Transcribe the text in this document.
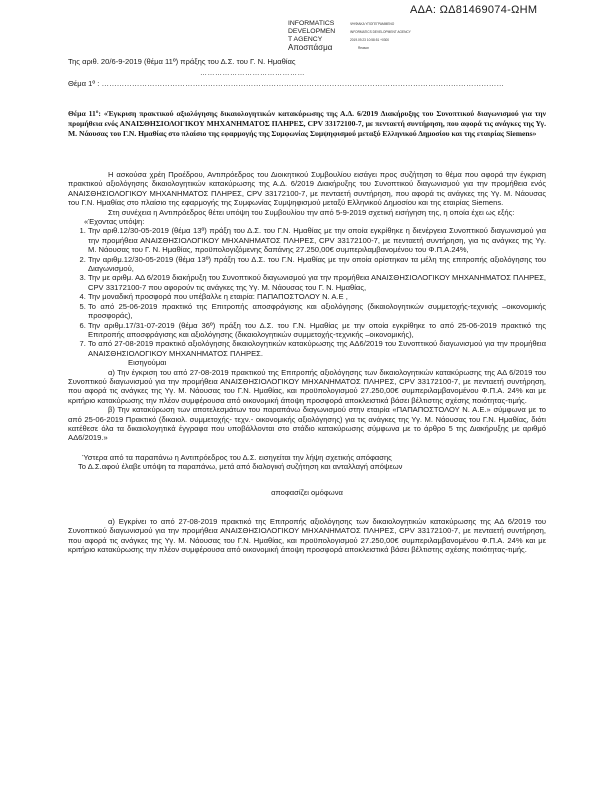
ΑΔΑ: ΩΔ81469074-ΩΗΜ
INFORMATICS	ΨΗΦΙΑΚΑ ΥΠΟΓΕΓΡΑΜΜΕΝΟ
DEVELOPMEN	INFORMATICS DEVELOPMENT AGENCY
T AGENCY	2019.09.23 10:58:51 +0300
Αποσπάσμα	Reason
Της αριθ. 20/6-9-2019 (θέμα 11º) πράξης του Δ.Σ. του Γ. Ν. Ημαθίας
……………………………………
Θέμα 1º : ……………………………………………………………………………………………………………………………………………
Θέμα 11º: «Έγκριση πρακτικού αξιολόγησης δικαιολογητικών κατακύρωσης της Α.Δ. 6/2019 Διακήρυξης του Συνοπτικού διαγωνισμού για την προμήθεια ενός ΑΝΑΙΣΘΗΣΙΟΛΟΓΙΚΟΥ ΜΗΧΑΝΗΜΑΤΟΣ ΠΛΗΡΕΣ, CPV 33172100-7, με πενταετή συντήρηση, που αφορά τις ανάγκες της Υγ. Μ. Νάουσας του Γ.Ν. Ημαθίας στο πλαίσιο της εφαρμογής της Συμφωνίας Συμψηφισμού μεταξύ Ελληνικού Δημοσίου και της εταιρίας Siemens»

Η ασκούσα χρέη Προέδρου, Αντιπρόεδρος του Διοικητικού Συμβουλίου εισάγει προς συζήτηση το θέμα που αφορά την έγκριση πρακτικού αξιολόγησης δικαιολογητικών κατακύρωσης της Α.Δ. 6/2019 Διακήρυξης του Συνοπτικού διαγωνισμού για την προμήθεια ενός ΑΝΑΙΣΘΗΣΙΟΛΟΓΙΚΟΥ ΜΗΧΑΝΗΜΑΤΟΣ ΠΛΗΡΕΣ, CPV 33172100-7, με πενταετή συντήρηση, που αφορά τις ανάγκες της Υγ. Μ. Νάουσας του Γ.Ν. Ημαθίας στο πλαίσιο της εφαρμογής της Συμφωνίας Συμψηφισμού μεταξύ Ελληνικού Δημοσίου και της εταιρίας Siemens.

Στη συνέχεια η Αντιπρόεδρος θέτει υπόψη του Συμβουλίου την από 5-9-2019 σχετική εισήγηση της, η οποία έχει ως εξής:

«Έχοντας υπόψη:

1. Την αριθ.12/30-05-2019 (θέμα 13º) πράξη του Δ.Σ. του Γ.Ν. Ημαθίας με την οποία εγκρίθηκε η διενέργεια Συνοπτικού διαγωνισμού για την προμήθεια ΑΝΑΙΣΘΗΣΙΟΛΟΓΙΚΟΥ ΜΗΧΑΝΗΜΑΤΟΣ ΠΛΗΡΕΣ, CPV 33172100-7, με πενταετή συντήρηση, για τις ανάγκες της Υγ. Μ. Νάουσας του Γ. Ν. Ημαθίας, προϋπολογιζόμενης δαπάνης 27.250,00€ συμπεριλαμβανομένου του Φ.Π.Α.24%,
2. Την αριθμ.12/30-05-2019 (θέμα 13º) πράξη του Δ.Σ. του Γ.Ν. Ημαθίας με την οποία ορίστηκαν τα μέλη της επιτροπής αξιολόγησης του Διαγωνισμού,
3. Την με αριθμ. ΑΔ 6/2019 διακήρυξη του Συνοπτικού διαγωνισμού για την προμήθεια ΑΝΑΙΣΘΗΣΙΟΛΟΓΙΚΟΥ ΜΗΧΑΝΗΜΑΤΟΣ ΠΛΗΡΕΣ, CPV 33172100-7 που αφορούν τις ανάγκες της Υγ. Μ. Νάουσας του Γ. Ν. Ημαθίας,
4. Την μοναδική προσφορά που υπέβαλλε η εταιρία: ΠΑΠΑΠΟΣΤΟΛΟΥ Ν. Α.Ε ,
5. Το από 25-06-2019 πρακτικό της Επιτροπής αποσφράγισης και αξιολόγησης (δικαιολογητικών συμμετοχής-τεχνικής –οικονομικής προσφοράς),
6. Την αριθμ.17/31-07-2019 (θέμα 36º) πράξη του Δ.Σ. του Γ.Ν. Ημαθίας με την οποία εγκρίθηκε το από 25-06-2019 πρακτικό της Επιτροπής αποσφράγισης και αξιολόγησης (δικαιολογητικών συμμετοχής-τεχνικής –οικονομικής),
7. Το από 27-08-2019 πρακτικό αξιολόγησης δικαιολογητικών κατακύρωσης της ΑΔ6/2019 του Συνοπτικού διαγωνισμού για την προμήθεια ΑΝΑΙΣΘΗΣΙΟΛΟΓΙΚΟΥ ΜΗΧΑΝΗΜΑΤΟΣ ΠΛΗΡΕΣ.

Εισηγούμαι

α) Την έγκριση του από 27-08-2019 πρακτικού της Επιτροπής αξιολόγησης των δικαιολογητικών κατακύρωσης της ΑΔ 6/2019 του Συνοπτικού διαγωνισμού για την προμήθεια ΑΝΑΙΣΘΗΣΙΟΛΟΓΙΚΟΥ ΜΗΧΑΝΗΜΑΤΟΣ ΠΛΗΡΕΣ, CPV 33172100-7, με πενταετή συντήρηση, που αφορά τις ανάγκες της Υγ. Μ. Νάουσας του Γ.Ν. Ημαθίας, και προϋπολογισμού 27.250,00€ συμπεριλαμβανομένου Φ.Π.Α. 24% και με κριτήριο κατακύρωσης την πλέον συμφέρουσα από οικονομική άποψη προσφορά αποκλειστικά βάσει βέλτιστης σχέσης ποιότητας-τιμής.

β) Την κατακύρωση των αποτελεσμάτων του παραπάνω διαγωνισμού στην εταιρία «ΠΑΠΑΠΟΣΤΟΛΟΥ Ν. Α.Ε.» σύμφωνα με το από 25-06-2019 Πρακτικό (δικαιολ. συμμετοχής- τεχν.- οικονομικής αξιολόγησης) για τις ανάγκες της Υγ. Μ. Νάουσας του Γ.Ν. Ημαθίας, διότι κατέθεσε όλα τα δικαιολογητικά έγγραφα που υποβάλλονται στο στάδιο κατακύρωσης σύμφωνα με το άρθρο 5 της Διακήρυξης με αριθμό ΑΔ6/2019.»

Ύστερα από τα παραπάνω η Αντιπρόεδρος του Δ.Σ. εισηγείται την λήψη σχετικής απόφασης

Το Δ.Σ.αφού έλαβε υπόψη τα παραπάνω, μετά από διαλογική συζήτηση και ανταλλαγή απόψεων

αποφασίζει ομόφωνα

α) Εγκρίνει το από 27-08-2019 πρακτικό της Επιτροπής αξιολόγησης των δικαιολογητικών κατακύρωσης της ΑΔ 6/2019 του Συνοπτικού διαγωνισμού για την προμήθεια ΑΝΑΙΣΘΗΣΙΟΛΟΓΙΚΟΥ ΜΗΧΑΝΗΜΑΤΟΣ ΠΛΗΡΕΣ, CPV 33172100-7, με πενταετή συντήρηση, που αφορά τις ανάγκες της Υγ. Μ. Νάουσας του Γ.Ν. Ημαθίας, και προϋπολογισμού 27.250,00€ συμπεριλαμβανομένου Φ.Π.Α. 24% και με κριτήριο κατακύρωσης την πλέον συμφέρουσα από οικονομική άποψη προσφορά αποκλειστικά βάσει βέλτιστης σχέσης ποιότητας-τιμής.
